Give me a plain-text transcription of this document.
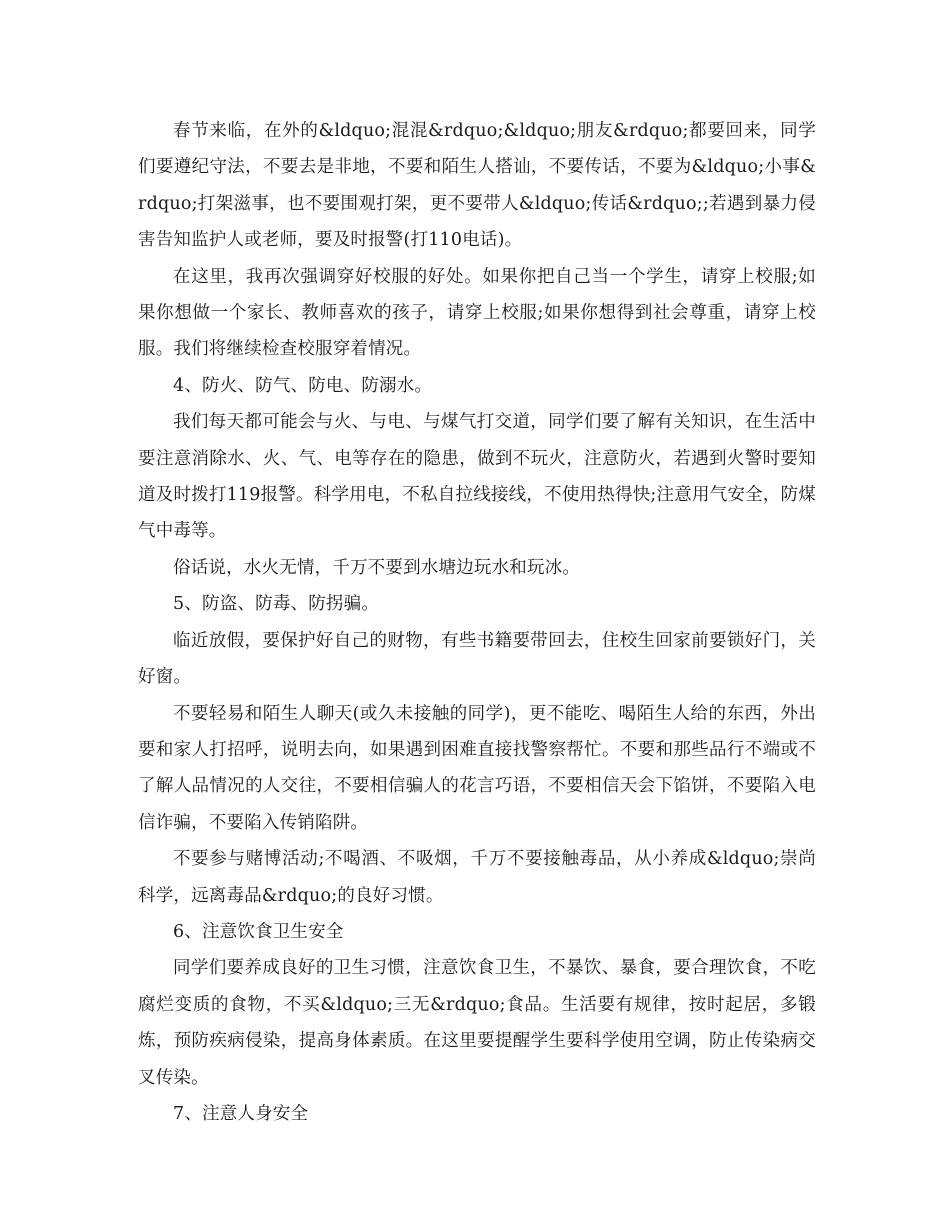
春节来临，在外的&ldquo;混混&rdquo;&ldquo;朋友&rdquo;都要回来，同学们要遵纪守法，不要去是非地，不要和陌生人搭讪，不要传话，不要为&ldquo;小事&rdquo;打架滋事，也不要围观打架，更不要带人&ldquo;传话&rdquo;;若遇到暴力侵害告知监护人或老师，要及时报警(打110电话)。

在这里，我再次强调穿好校服的好处。如果你把自己当一个学生，请穿上校服;如果你想做一个家长、教师喜欢的孩子，请穿上校服;如果你想得到社会尊重，请穿上校服。我们将继续检查校服穿着情况。

4、防火、防气、防电、防溺水。

我们每天都可能会与火、与电、与煤气打交道，同学们要了解有关知识，在生活中要注意消除水、火、气、电等存在的隐患，做到不玩火，注意防火，若遇到火警时要知道及时拨打119报警。科学用电，不私自拉线接线，不使用热得快;注意用气安全，防煤气中毒等。

俗话说，水火无情，千万不要到水塘边玩水和玩冰。

5、防盗、防毒、防拐骗。

临近放假，要保护好自己的财物，有些书籍要带回去，住校生回家前要锁好门，关好窗。

不要轻易和陌生人聊天(或久未接触的同学)，更不能吃、喝陌生人给的东西，外出要和家人打招呼，说明去向，如果遇到困难直接找警察帮忙。不要和那些品行不端或不了解人品情况的人交往，不要相信骗人的花言巧语，不要相信天会下馅饼，不要陷入电信诈骗，不要陷入传销陷阱。

不要参与赌博活动;不喝酒、不吸烟，千万不要接触毒品，从小养成&ldquo;崇尚科学，远离毒品&rdquo;的良好习惯。

6、注意饮食卫生安全

同学们要养成良好的卫生习惯，注意饮食卫生，不暴饮、暴食，要合理饮食，不吃腐烂变质的食物，不买&ldquo;三无&rdquo;食品。生活要有规律，按时起居，多锻炼，预防疾病侵染，提高身体素质。在这里要提醒学生要科学使用空调，防止传染病交叉传染。

7、注意人身安全
